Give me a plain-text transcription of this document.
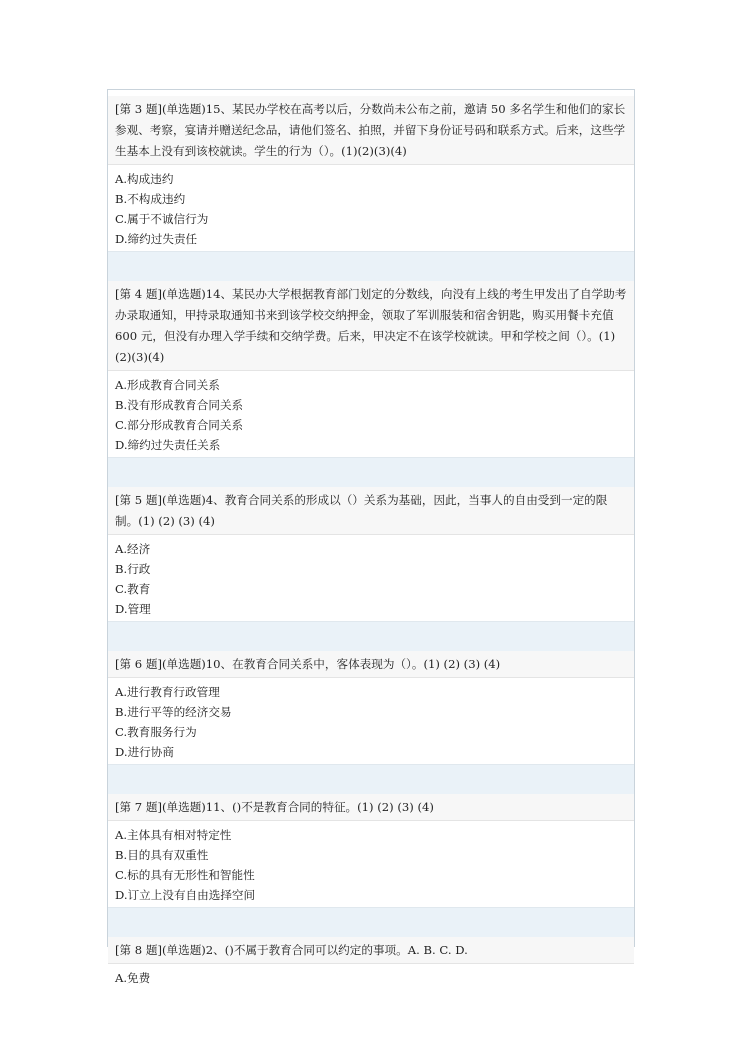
[第 3 题](单选题)15、某民办学校在高考以后，分数尚未公布之前，邀请 50 多名学生和他们的家长参观、考察，宴请并赠送纪念品，请他们签名、拍照，并留下身份证号码和联系方式。后来，这些学生基本上没有到该校就读。学生的行为（）。(1)(2)(3)(4)
A.构成违约
B.不构成违约
C.属于不诚信行为
D.缔约过失责任
[第 4 题](单选题)14、某民办大学根据教育部门划定的分数线，向没有上线的考生甲发出了自学助考办录取通知，甲持录取通知书来到该学校交纳押金，领取了军训服装和宿舍钥匙，购买用餐卡充值 600 元，但没有办理入学手续和交纳学费。后来，甲决定不在该学校就读。甲和学校之间（）。(1)(2)(3)(4)
A.形成教育合同关系
B.没有形成教育合同关系
C.部分形成教育合同关系
D.缔约过失责任关系
[第 5 题](单选题)4、教育合同关系的形成以（）关系为基础，因此，当事人的自由受到一定的限制。(1) (2) (3) (4)
A.经济
B.行政
C.教育
D.管理
[第 6 题](单选题)10、在教育合同关系中，客体表现为（）。(1) (2) (3) (4)
A.进行教育行政管理
B.进行平等的经济交易
C.教育服务行为
D.进行协商
[第 7 题](单选题)11、()不是教育合同的特征。(1) (2) (3) (4)
A.主体具有相对特定性
B.目的具有双重性
C.标的具有无形性和智能性
D.订立上没有自由选择空间
[第 8 题](单选题)2、()不属于教育合同可以约定的事项。A. B. C. D.
A.免费
